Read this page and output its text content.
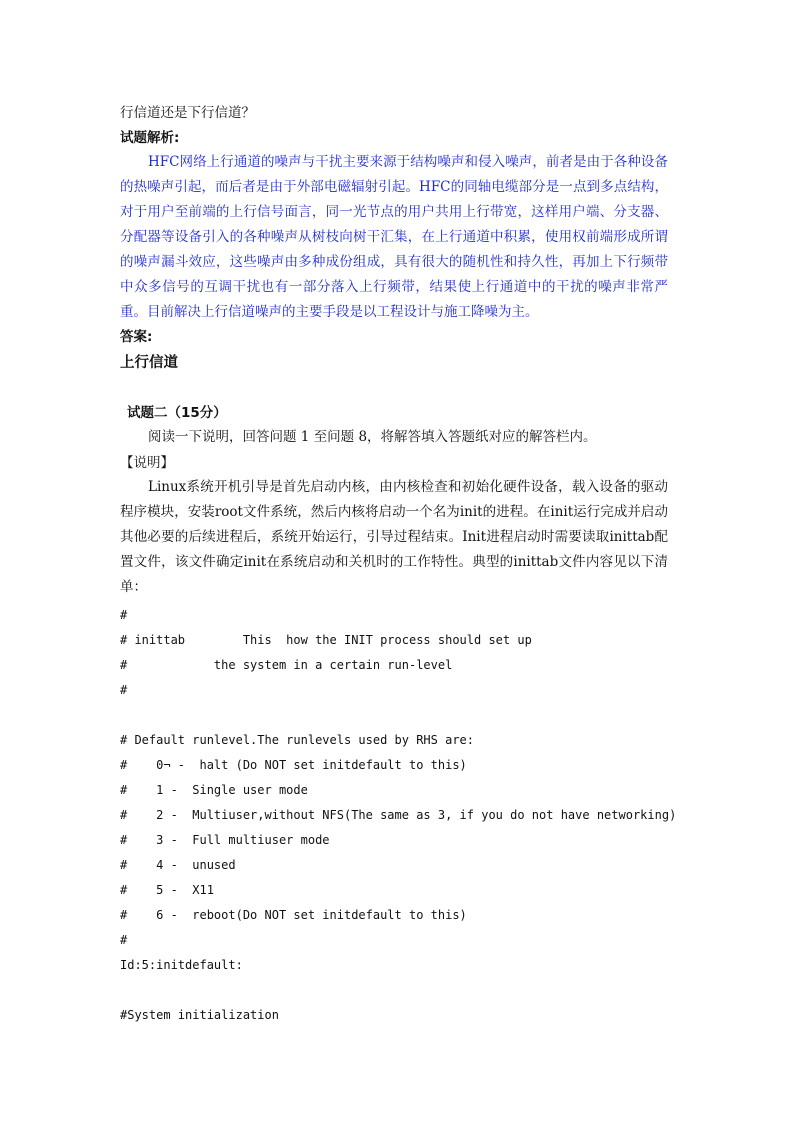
行信道还是下行信道？
试题解析:

HFC网络上行通道的噪声与干扰主要来源于结构噪声和侵入噪声，前者是由于各种设备的热噪声引起，而后者是由于外部电磁辐射引起。HFC的同轴电缆部分是一点到多点结构，对于用户至前端的上行信号面言，同一光节点的用户共用上行带宽，这样用户端、分支器、分配器等设备引入的各种噪声从树枝向树干汇集，在上行通道中积累，使用权前端形成所谓的噪声漏斗效应，这些噪声由多种成份组成，具有很大的随机性和持久性，再加上下行频带中众多信号的互调干扰也有一部分落入上行频带，结果使上行通道中的干扰的噪声非常严重。目前解决上行信道噪声的主要手段是以工程设计与施工降噪为主。

答案:
上行信道
试题二（15分）

阅读一下说明，回答问题 1 至问题 8，将解答填入答题纸对应的解答栏内。

【说明】

Linux系统开机引导是首先启动内核，由内核检查和初始化硬件设备，载入设备的驱动程序模块，安装root文件系统，然后内核将启动一个名为init的进程。在init运行完成并启动其他必要的后续进程后，系统开始运行，引导过程结束。Init进程启动时需要读取inittab配置文件，该文件确定init在系统启动和关机时的工作特性。典型的inittab文件内容见以下清单：

#
# inittab        This  how the INIT process should set up
#            the system in a certain run-level
#
# Default runlevel.The runlevels used by RHS are:
#    0¬ -  halt (Do NOT set initdefault to this)
#    1 -  Single user mode
#    2 -  Multiuser,without NFS(The same as 3, if you do not have networking)
#    3 -  Full multiuser mode
#    4 -  unused
#    5 -  X11
#    6 -  reboot(Do NOT set initdefault to this)
#
Id:5:initdefault:
#System initialization
